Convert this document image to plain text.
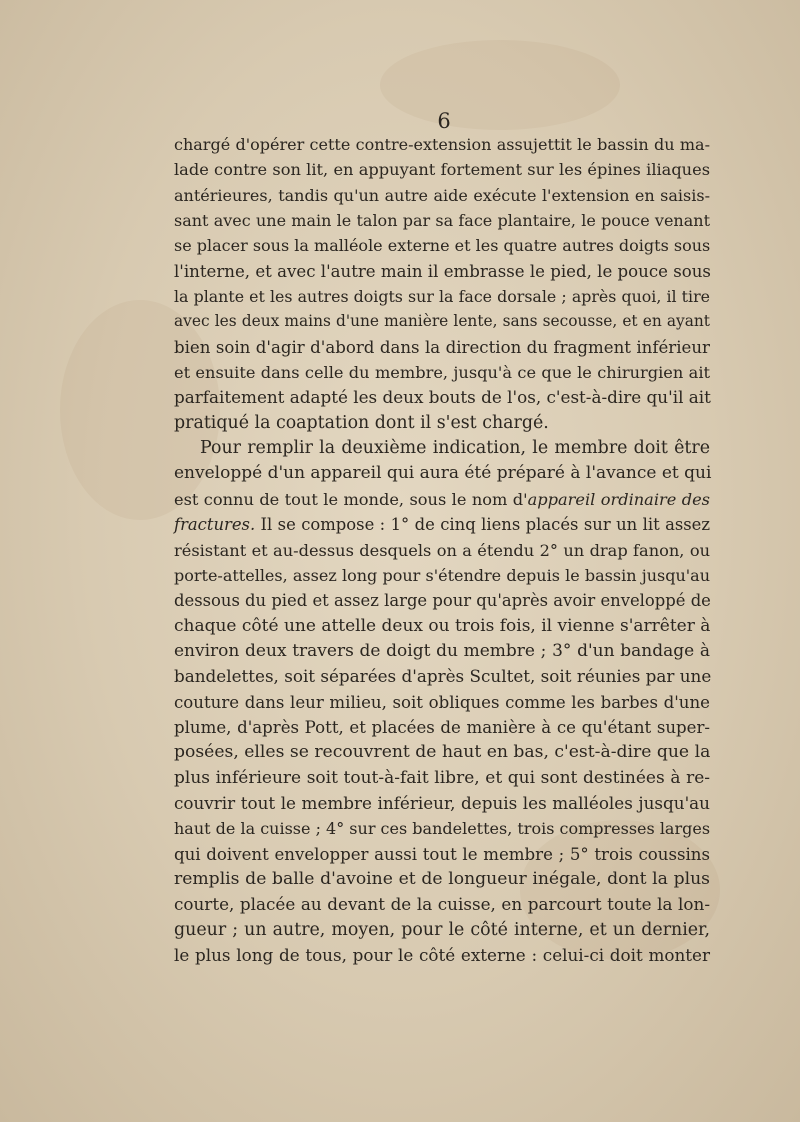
6
chargé d'opérer cette contre-extension assujettit le bassin du ma-
lade contre son lit, en appuyant fortement sur les épines iliaques
antérieures, tandis qu'un autre aide exécute l'extension en saisis-
sant avec une main le talon par sa face plantaire, le pouce venant
se placer sous la malléole externe et les quatre autres doigts sous
l'interne, et avec l'autre main il embrasse le pied, le pouce sous
la plante et les autres doigts sur la face dorsale ; après quoi, il tire
avec les deux mains d'une manière lente, sans secousse, et en ayant
bien soin d'agir d'abord dans la direction du fragment inférieur
et ensuite dans celle du membre, jusqu'à ce que le chirurgien ait
parfaitement adapté les deux bouts de l'os, c'est-à-dire qu'il ait
pratiqué la coaptation dont il s'est chargé.
Pour remplir la deuxième indication, le membre doit être
enveloppé d'un appareil qui aura été préparé à l'avance et qui
est connu de tout le monde, sous le nom d'appareil ordinaire des
fractures. Il se compose : 1° de cinq liens placés sur un lit assez
résistant et au-dessus desquels on a étendu 2° un drap fanon, ou
porte-attelles, assez long pour s'étendre depuis le bassin jusqu'au
dessous du pied et assez large pour qu'après avoir enveloppé de
chaque côté une attelle deux ou trois fois, il vienne s'arrêter à
environ deux travers de doigt du membre ; 3° d'un bandage à
bandelettes, soit séparées d'après Scultet, soit réunies par une
couture dans leur milieu, soit obliques comme les barbes d'une
plume, d'après Pott, et placées de manière à ce qu'étant super-
posées, elles se recouvrent de haut en bas, c'est-à-dire que la
plus inférieure soit tout-à-fait libre, et qui sont destinées à re-
couvrir tout le membre inférieur, depuis les malléoles jusqu'au
haut de la cuisse ; 4° sur ces bandelettes, trois compresses larges
qui doivent envelopper aussi tout le membre ; 5° trois coussins
remplis de balle d'avoine et de longueur inégale, dont la plus
courte, placée au devant de la cuisse, en parcourt toute la lon-
gueur ; un autre, moyen, pour le côté interne, et un dernier,
le plus long de tous, pour le côté externe : celui-ci doit monter
